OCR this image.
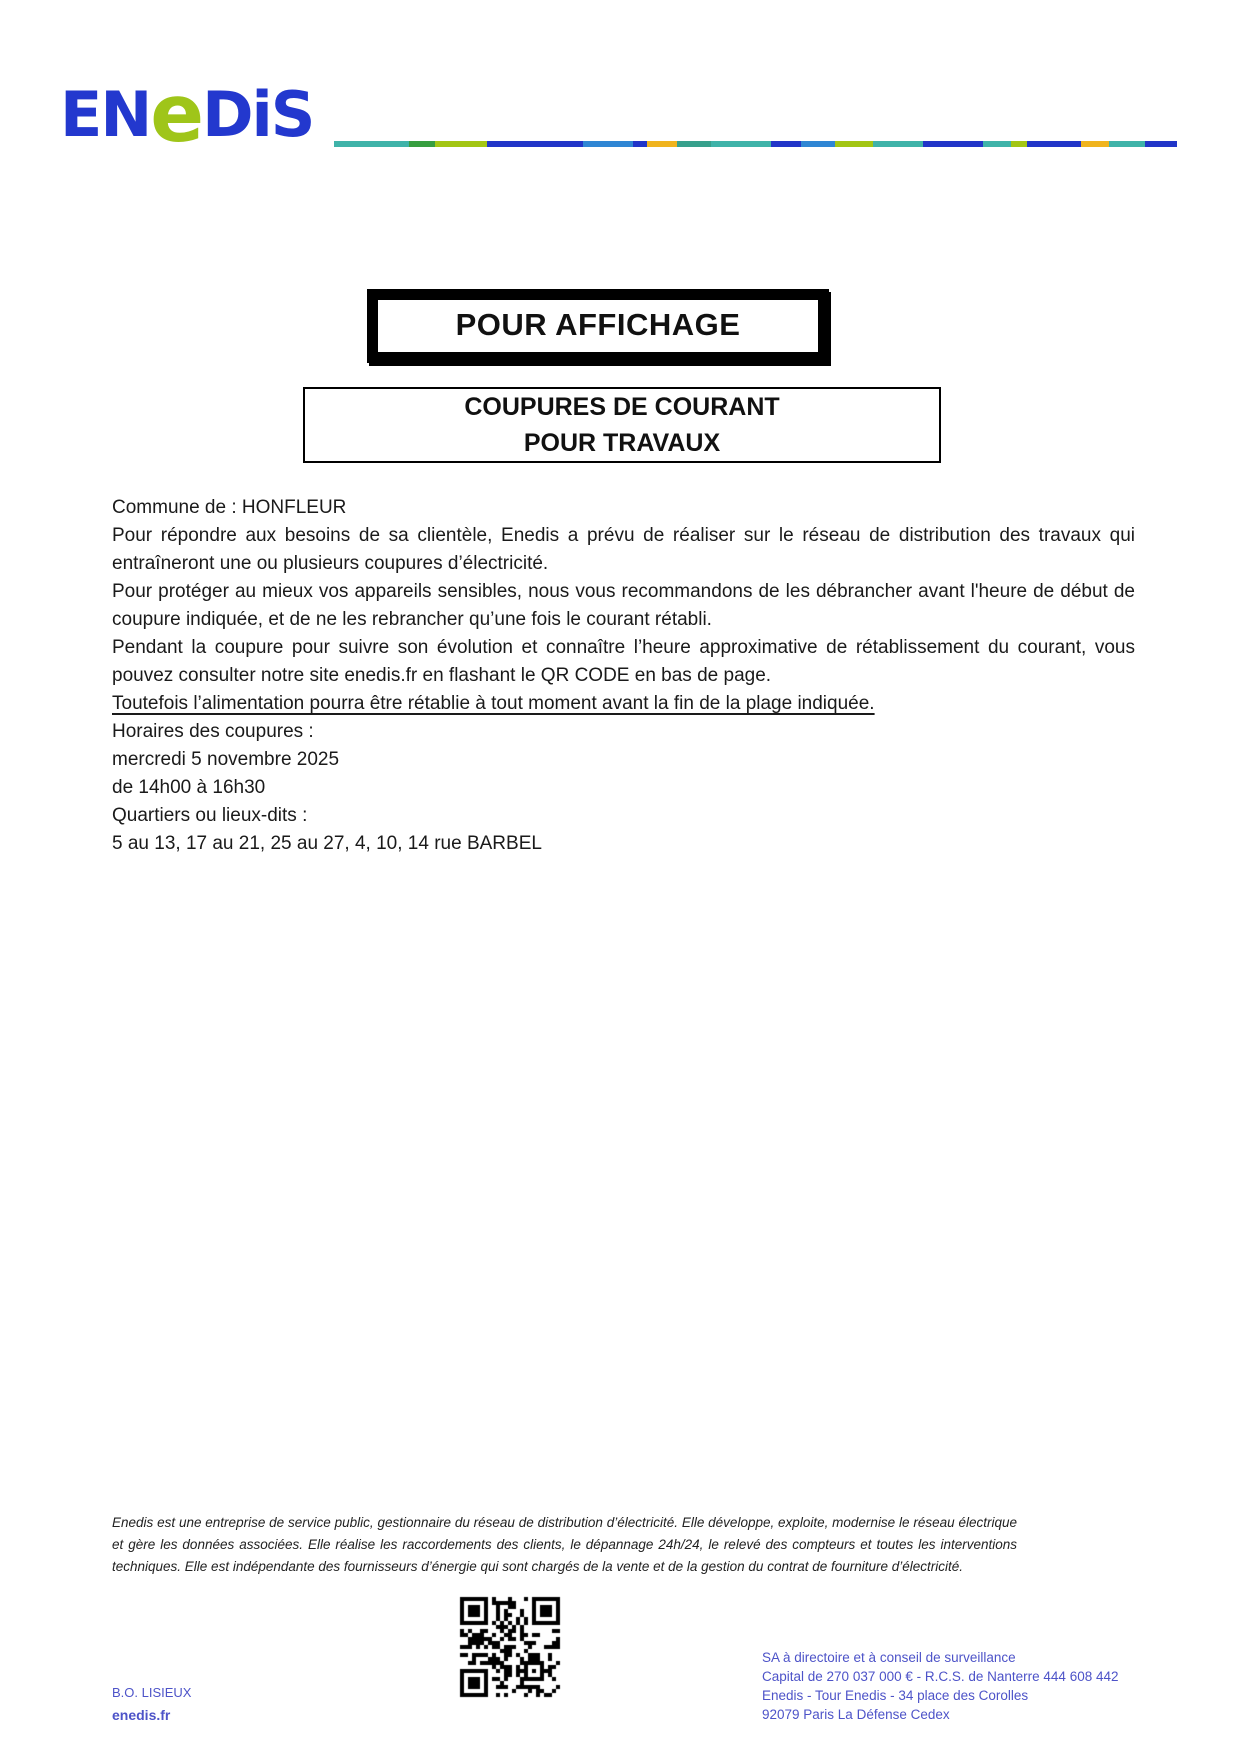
ENeDiS
POUR AFFICHAGE
COUPURES DE COURANT
POUR TRAVAUX

Commune de : HONFLEUR

Pour répondre aux besoins de sa clientèle, Enedis a prévu de réaliser sur le réseau de distribution des travaux qui entraîneront une ou plusieurs coupures d’électricité.

Pour protéger au mieux vos appareils sensibles, nous vous recommandons de les débrancher avant l'heure de début de coupure indiquée, et de ne les rebrancher qu’une fois le courant rétabli.

Pendant la coupure pour suivre son évolution et connaître l’heure approximative de rétablissement du courant, vous pouvez consulter notre site enedis.fr en flashant le QR CODE en bas de page.

Toutefois l’alimentation pourra être rétablie à tout moment avant la fin de la plage indiquée.

Horaires des coupures :

mercredi 5 novembre 2025

de 14h00 à 16h30

Quartiers ou lieux-dits :

5 au 13, 17 au 21, 25 au 27, 4, 10, 14 rue BARBEL

Enedis est une entreprise de service public, gestionnaire du réseau de distribution d’électricité. Elle développe, exploite, modernise le réseau électrique et gère les données associées. Elle réalise les raccordements des clients, le dépannage 24h/24, le relevé des compteurs et toutes les interventions techniques. Elle est indépendante des fournisseurs d’énergie qui sont chargés de la vente et de la gestion du contrat de fourniture d’électricité.
B.O. LISIEUX
enedis.fr
SA à directoire et à conseil de surveillance
Capital de 270 037 000 € - R.C.S. de Nanterre 444 608 442
Enedis - Tour Enedis - 34 place des Corolles
92079 Paris La Défense Cedex
